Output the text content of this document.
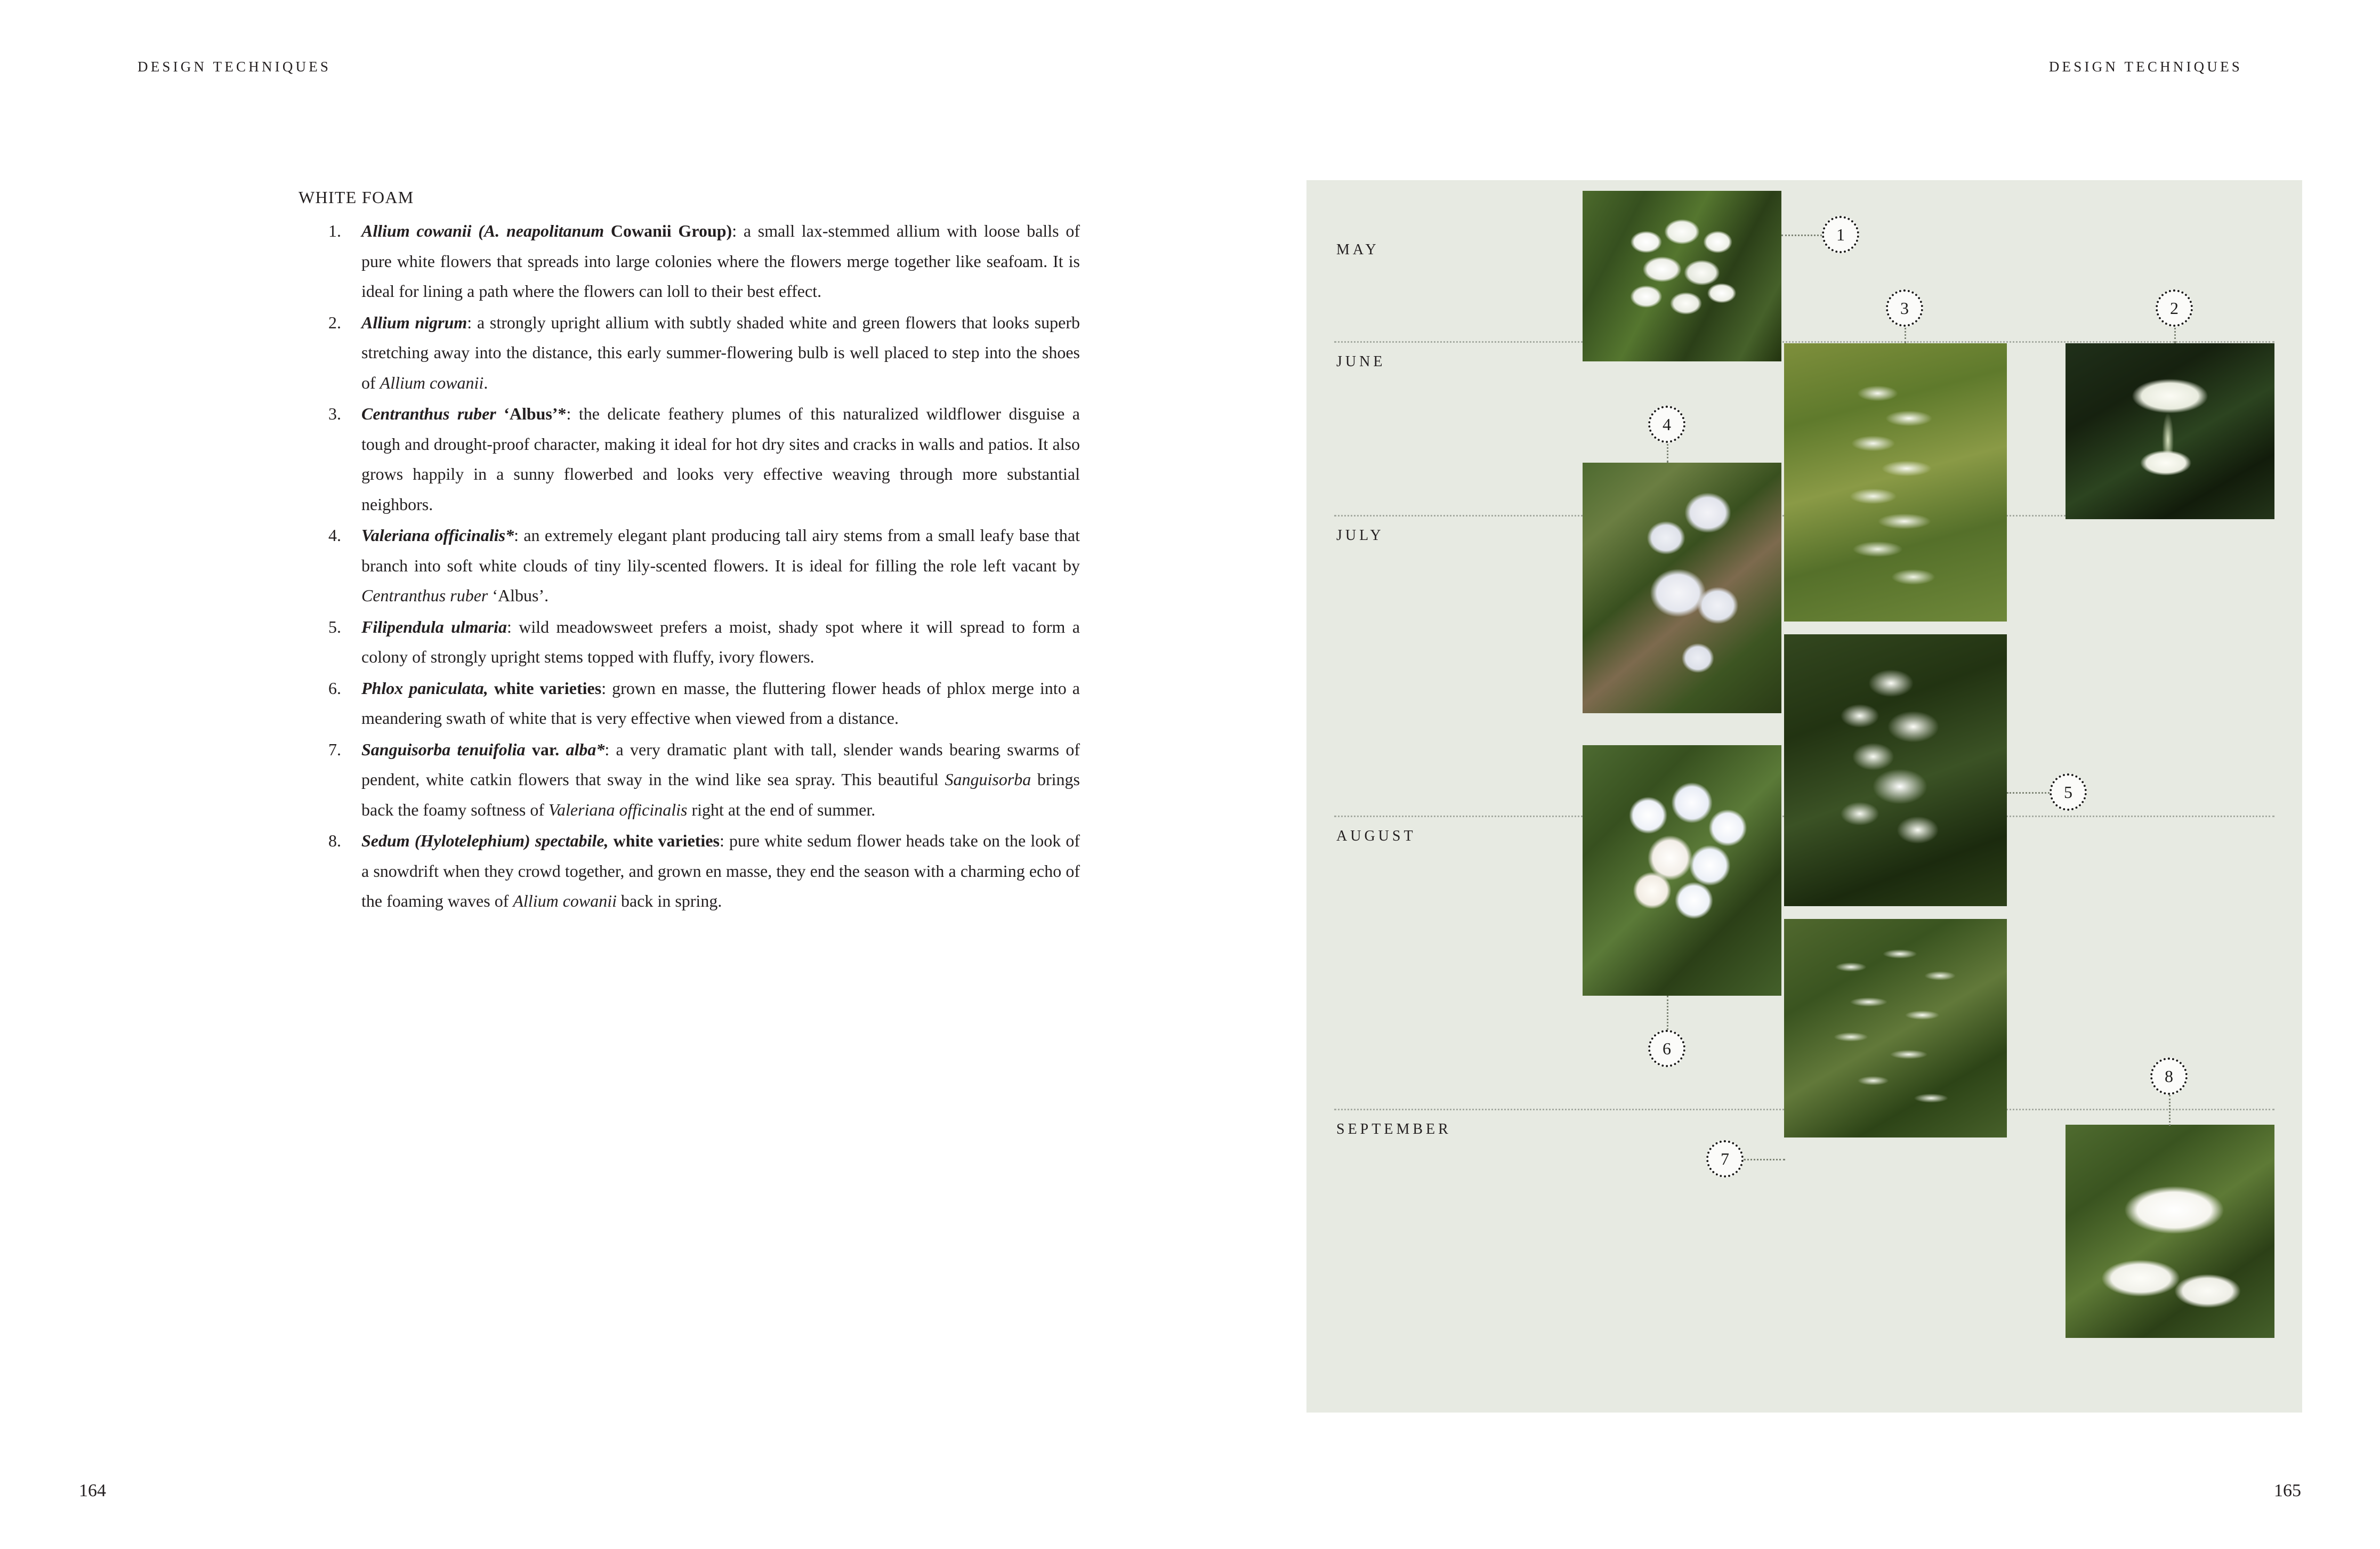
DESIGN TECHNIQUES	DESIGN TECHNIQUES
164	165
WHITE FOAM
Allium cowanii (A. neapolitanum Cowanii Group): a small lax-stemmed allium with loose balls of pure white flowers that spreads into large colonies where the flowers merge together like seafoam. It is ideal for lining a path where the flowers can loll to their best effect.
Allium nigrum: a strongly upright allium with subtly shaded white and green flowers that looks superb stretching away into the distance, this early summer-flowering bulb is well placed to step into the shoes of Allium cowanii.
Centranthus ruber ‘Albus’*: the delicate feathery plumes of this naturalized wildflower disguise a tough and drought-proof character, making it ideal for hot dry sites and cracks in walls and patios. It also grows happily in a sunny flowerbed and looks very effective weaving through more substantial neighbors.
Valeriana officinalis*: an extremely elegant plant producing tall airy stems from a small leafy base that branch into soft white clouds of tiny lily-scented flowers. It is ideal for filling the role left vacant by Centranthus ruber ‘Albus’.
Filipendula ulmaria: wild meadowsweet prefers a moist, shady spot where it will spread to form a colony of strongly upright stems topped with fluffy, ivory flowers.
Phlox paniculata, white varieties: grown en masse, the fluttering flower heads of phlox merge into a meandering swath of white that is very effective when viewed from a distance.
Sanguisorba tenuifolia var. alba*: a very dramatic plant with tall, slender wands bearing swarms of pendent, white catkin flowers that sway in the wind like sea spray. This beautiful Sanguisorba brings back the foamy softness of Valeriana officinalis right at the end of summer.
Sedum (Hylotelephium) spectabile, white varieties: pure white sedum flower heads take on the look of a snowdrift when they crowd together, and grown en masse, they end the season with a charming echo of the foaming waves of Allium cowanii back in spring.
MAY
JUNE
JULY
AUGUST
SEPTEMBER
1
2
3
4
5
6
7
8
